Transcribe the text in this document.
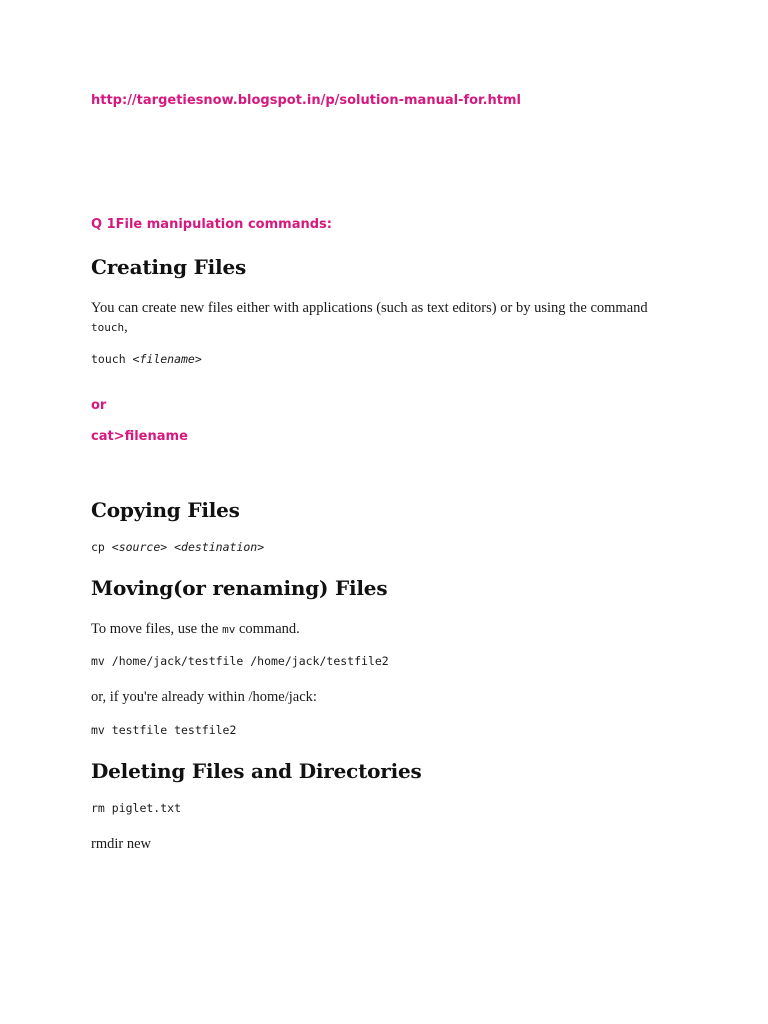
http://targetiesnow.blogspot.in/p/solution-manual-for.html

Q 1File manipulation commands:

Creating Files

You can create new files either with applications (such as text editors) or by using the command
touch,

touch <filename>

or

cat>filename

Copying Files

cp <source> <destination>

Moving(or renaming) Files

To move files, use the mv command.

mv /home/jack/testfile /home/jack/testfile2

or, if you're already within /home/jack:

mv testfile testfile2

Deleting Files and Directories

rm piglet.txt

rmdir new
